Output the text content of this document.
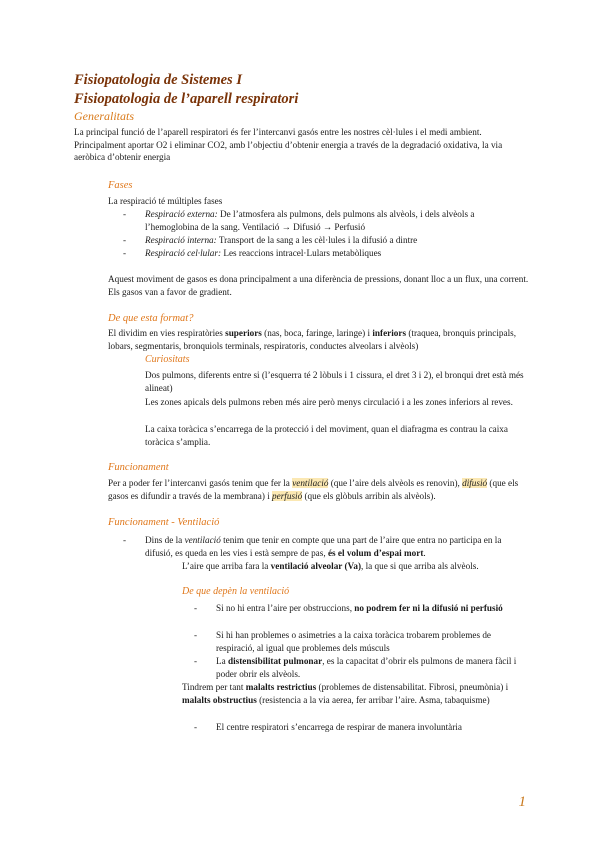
Fisiopatologia de Sistemes I
Fisiopatologia de l’aparell respiratori
Generalitats

La principal funció de l’aparell respiratori és fer l’intercanvi gasós entre les nostres cèl·lules i el medi ambient. Principalment aportar O2 i eliminar CO2, amb l’objectiu d’obtenir energia a través de la degradació oxidativa, la via aeròbica d’obtenir energia

Fases
La respiració té múltiples fases
- Respiració externa: De l’atmosfera als pulmons, dels pulmons als alvèols, i dels alvèols a l’hemoglobina de la sang. Ventilació → Difusió → Perfusió
- Respiració interna: Transport de la sang a les cèl·lules i la difusió a dintre
- Respiració cel·lular: Les reaccions intracel·Lulars metabòliques

Aquest moviment de gasos es dona principalment a una diferència de pressions, donant lloc a un flux, una corrent. Els gasos van a favor de gradient.

De que esta format?

El dividim en vies respiratòries superiors (nas, boca, faringe, laringe) i inferiors (traquea, bronquis principals, lobars, segmentaris, bronquiols terminals, respiratoris, conductes alveolars i alvèols)

Curiositats

Dos pulmons, diferents entre si (l’esquerra té 2 lòbuls i 1 cissura, el dret 3 i 2), el bronqui dret està més alineat)

Les zones apicals dels pulmons reben més aire però menys circulació i a les zones inferiors al reves.

La caixa toràcica s’encarrega de la protecció i del moviment, quan el diafragma es contrau la caixa toràcica s’amplia.

Funcionament

Per a poder fer l’intercanvi gasós tenim que fer la ventilació (que l’aire dels alvèols es renovin), difusió (que els gasos es difundir a través de la membrana) i perfusió (que els glòbuls arribin als alvèols).

Funcionament - Ventilació
- Dins de la ventilació tenim que tenir en compte que una part de l’aire que entra no participa en la difusió, es queda en les vies i està sempre de pas, és el volum d’espai mort.

L’aire que arriba fara la ventilació alveolar (Va), la que si que arriba als alvèols.

De que depèn la ventilació
- Si no hi entra l’aire per obstruccions, no podrem fer ni la difusió ni perfusió
- Si hi han problemes o asimetries a la caixa toràcica trobarem problemes de respiració, al igual que problemes dels músculs
- La distensibilitat pulmonar, es la capacitat d’obrir els pulmons de manera fàcil i poder obrir els alvèols.

Tindrem per tant malalts restrictius (problemes de distensabilitat. Fibrosi, pneumònia) i malalts obstructius (resistencia a la via aerea, fer arribar l’aire. Asma, tabaquisme)

- El centre respiratori s’encarrega de respirar de manera involuntària
1
